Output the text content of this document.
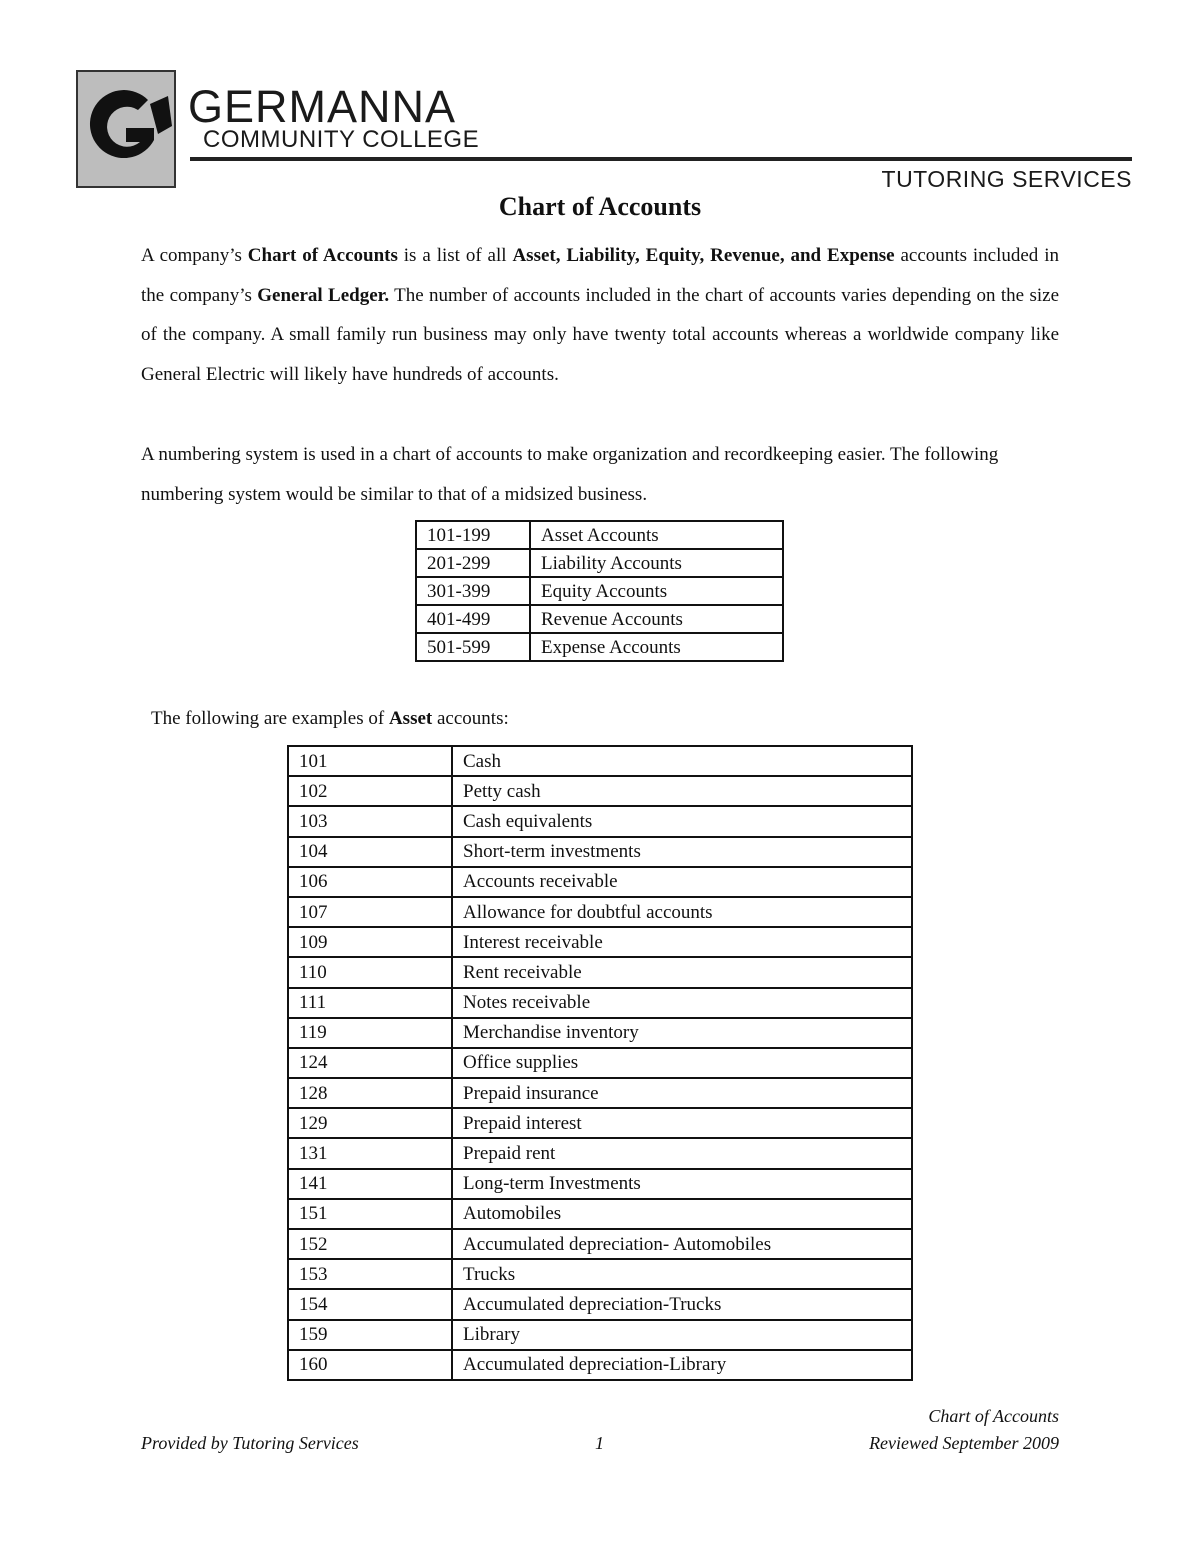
GERMANNA
COMMUNITY COLLEGE
TUTORING SERVICES
Chart of Accounts

A company’s Chart of Accounts is a list of all Asset, Liability, Equity, Revenue, and Expense accounts included in the company’s General Ledger. The number of accounts included in the chart of accounts varies depending on the size of the company. A small family run business may only have twenty total accounts whereas a worldwide company like General Electric will likely have hundreds of accounts.

A numbering system is used in a chart of accounts to make organization and recordkeeping easier. The following numbering system would be similar to that of a midsized business.

101-199	Asset Accounts
201-299	Liability Accounts
301-399	Equity Accounts
401-499	Revenue Accounts
501-599	Expense Accounts

The following are examples of Asset accounts:

101	Cash
102	Petty cash
103	Cash equivalents
104	Short-term investments
106	Accounts receivable
107	Allowance for doubtful accounts
109	Interest receivable
110	Rent receivable
111	Notes receivable
119	Merchandise inventory
124	Office supplies
128	Prepaid insurance
129	Prepaid interest
131	Prepaid rent
141	Long-term Investments
151	Automobiles
152	Accumulated depreciation- Automobiles
153	Trucks
154	Accumulated depreciation-Trucks
159	Library
160	Accumulated depreciation-Library
Chart of Accounts
Provided by Tutoring Services	1	Reviewed September 2009
